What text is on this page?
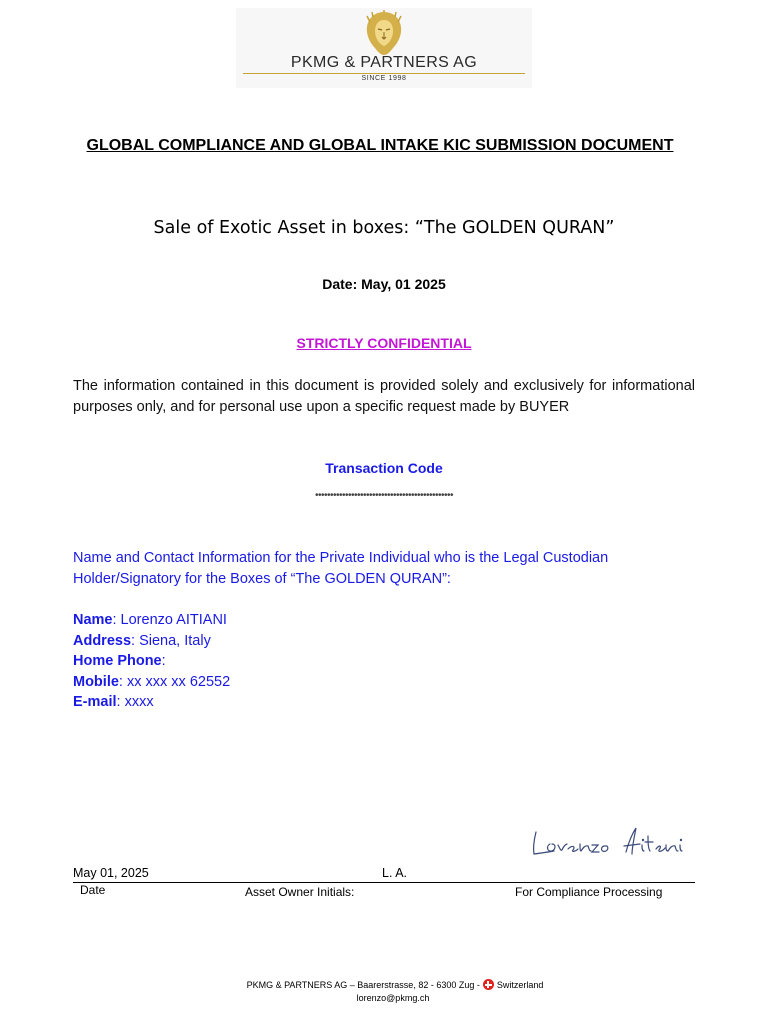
PKMG & PARTNERS AG
SINCE 1998
GLOBAL COMPLIANCE AND GLOBAL INTAKE KIC SUBMISSION DOCUMENT
Sale of Exotic Asset in boxes: “The GOLDEN QURAN”
Date: May, 01 2025
STRICTLY CONFIDENTIAL
The information contained in this document is provided solely and exclusively for informational purposes only, and for personal use upon a specific request made by BUYER
Transaction Code
••••••••••••••••••••••••••••••••••••••••••••••
Name and Contact Information for the Private Individual who is the Legal Custodian Holder/Signatory for the Boxes of “The GOLDEN QURAN”:
Name: Lorenzo AITIANI
Address: Siena, Italy
Home Phone:
Mobile: xx xxx xx 62552
E-mail: xxxx
May 01, 2025	L. A.
Date	Asset Owner Initials:	For Compliance Processing
PKMG & PARTNERS AG – Baarerstrasse, 82 - 6300 Zug - Switzerland
lorenzo@pkmg.ch
